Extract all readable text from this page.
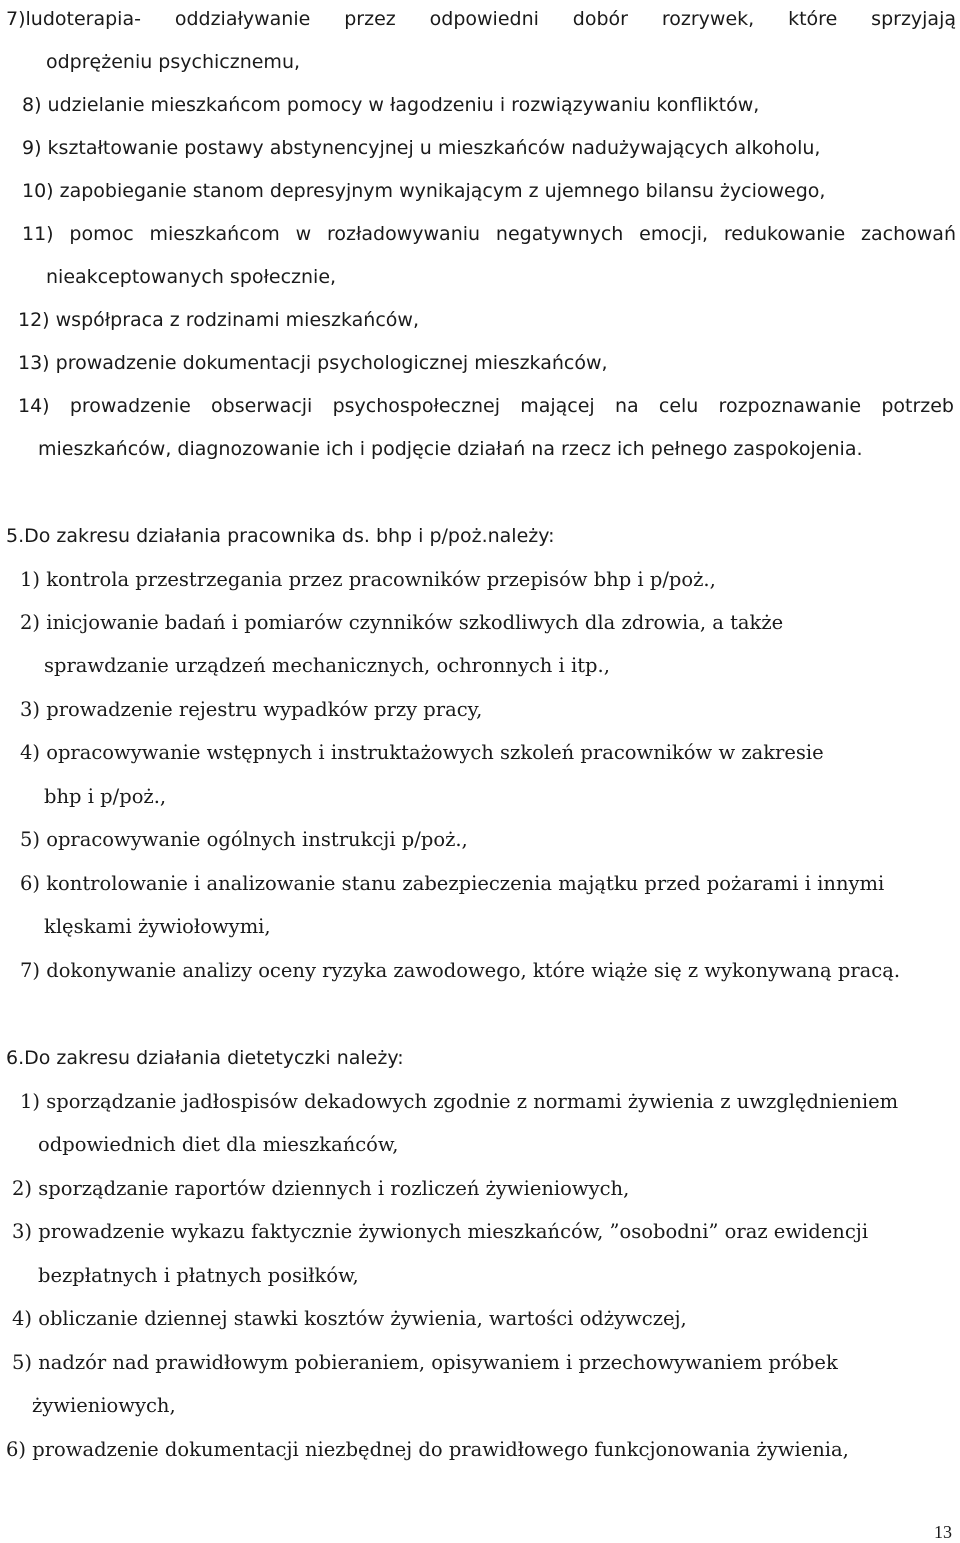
7)ludoterapia- oddziaływanie przez odpowiedni dobór rozrywek, które sprzyjają
odprężeniu psychicznemu,
8) udzielanie mieszkańcom pomocy w łagodzeniu i rozwiązywaniu konfliktów,
9) kształtowanie postawy abstynencyjnej u mieszkańców nadużywających alkoholu,
10) zapobieganie stanom depresyjnym wynikającym z ujemnego bilansu życiowego,
11) pomoc mieszkańcom w rozładowywaniu negatywnych emocji, redukowanie zachowań
nieakceptowanych społecznie,
12) współpraca z rodzinami mieszkańców,
13) prowadzenie dokumentacji psychologicznej mieszkańców,
14) prowadzenie obserwacji psychospołecznej mającej na celu rozpoznawanie potrzeb
mieszkańców, diagnozowanie ich i podjęcie działań na rzecz ich pełnego zaspokojenia.
5.Do zakresu działania pracownika ds. bhp i p/poż.należy:
1) kontrola przestrzegania przez pracowników przepisów bhp i p/poż.,
2) inicjowanie badań i pomiarów czynników szkodliwych dla zdrowia, a także
sprawdzanie urządzeń mechanicznych, ochronnych i itp.,
3) prowadzenie rejestru wypadków przy pracy,
4) opracowywanie wstępnych i instruktażowych szkoleń pracowników w zakresie
bhp i p/poż.,
5) opracowywanie ogólnych instrukcji p/poż.,
6) kontrolowanie i analizowanie stanu zabezpieczenia majątku przed pożarami i innymi
klęskami żywiołowymi,
7) dokonywanie analizy oceny ryzyka zawodowego, które wiąże się z wykonywaną pracą.
6.Do zakresu działania dietetyczki należy:
1) sporządzanie jadłospisów dekadowych zgodnie z normami żywienia z uwzględnieniem
odpowiednich diet dla mieszkańców,
2) sporządzanie raportów dziennych i rozliczeń żywieniowych,
3) prowadzenie wykazu faktycznie żywionych mieszkańców, ”osobodni” oraz ewidencji
bezpłatnych i płatnych posiłków,
4) obliczanie dziennej stawki kosztów żywienia, wartości odżywczej,
5) nadzór nad prawidłowym pobieraniem, opisywaniem i przechowywaniem próbek
żywieniowych,
6) prowadzenie dokumentacji niezbędnej do prawidłowego funkcjonowania żywienia,
13
